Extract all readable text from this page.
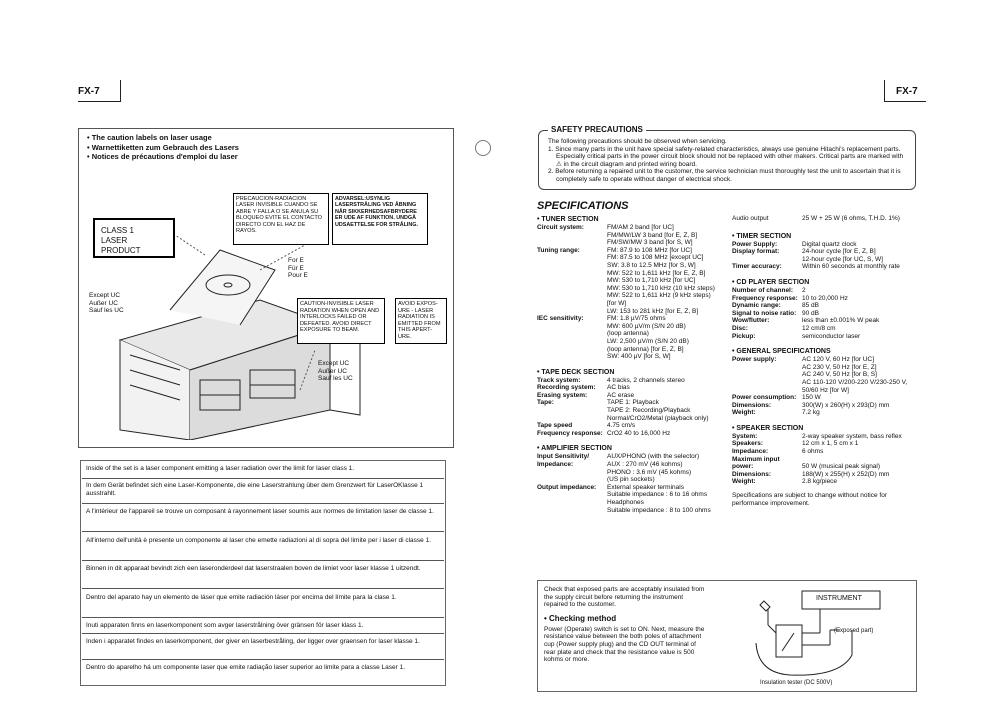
FX-7
• The caution labels on laser usage
• Warnettiketten zum Gebrauch des Lasers
• Notices de précautions d'emploi du laser
PRECAUCION-RADIACION LASER INVISIBLE CUANDO SE ABRE Y FALLA O SE ANULA SU BLOQUEO EVITE EL CONTACTO DIRECTO CON EL HAZ DE RAYOS.
ADVARSEL:USYNLIG LASERSTRÅLING VED ÅBNING NÅR SIKKERHEDSAFBRYDERE ER UDE AF FUNKTION. UNDGÅ UDSAETTELSE FOR STRÅLING.
CLASS 1
LASER PRODUCT
For E
Für E
Pour E
Except UC
Außer UC
Sauf les UC
CAUTION-INVISIBLE LASER RADIATION WHEN OPEN AND INTERLOCKS FAILED OR DEFEATED. AVOID DIRECT EXPOSURE TO BEAM.
AVOID EXPOS- URE - LASER RADIATION IS EMITTED FROM THIS APERT- URE.
Except UC
Außer UC
Sauf les UC
Inside of the set is a laser component emitting a laser radiation over the limit for laser class 1.
In dem Gerät befindet sich eine Laser-Komponente, die eine Laserstrahlung über dem Grenzwert für LaserOKlasse 1 ausstrahlt.
A l'intérieur de l'appareil se trouve un composant à rayonnement laser soumis aux normes de limitation laser de classe 1.
All'interno dell'unità è presente un componente al laser che emette radiazioni al di sopra del limite per i laser di classe 1.
Binnen in dit apparaat bevindt zich een laseronderdeel dat laserstraalen boven de limiet voor laser klasse 1 uitzendt.
Dentro del aparato hay un elemento de láser que emite radiación láser por encima del límite para la clase 1.
Inuti apparaten finns en laserkomponent som avger laserstrålning över gränsen för laser klass 1.
Inden i apparatet findes en laserkomponent, der giver en laserbestråling, der ligger over graensen for laser klasse 1.
Dentro do aparelho há um componente laser que emite radiação laser superior ao limite para a classe Laser 1.
FX-7
SAFETY PRECAUTIONS
The following precautions should be observed when servicing.
1. Since many parts in the unit have special safety-related characteristics, always use genuine Hitachi's replacement parts. Especially critical parts in the power circuit block should not be replaced with other makers. Critical parts are marked with ⚠ in the circuit diagram and printed wiring board.
2. Before returning a repaired unit to the customer, the service technician must thoroughly test the unit to ascertain that it is completely safe to operate without danger of electrical shock.
SPECIFICATIONS
• TUNER SECTION
Circuit system:	FM/AM 2 band [for UC]
FM/MW/LW 3 band [for E, Z, B]
FM/SW/MW 3 band [for S, W]
Tuning range:	FM: 87.9 to 108 MHz [for UC]
FM: 87.5 to 108 MHz [except UC]
SW: 3.8 to 12.5 MHz [for S, W]
MW: 522 to 1,611 kHz [for E, Z, B]
MW: 530 to 1,710 kHz [for UC]
MW: 530 to 1,710 kHz (10 kHz steps)
MW: 522 to 1,611 kHz (9 kHz steps)
[for W]
LW: 153 to 281 kHz [for E, Z, B]
IEC sensitivity:	FM: 1.8 µV/75 ohms
MW: 600 µV/m (S/N 20 dB)
(loop antenna)
LW: 2,500 µV/m (S/N 20 dB)
(loop antenna) [for E, Z, B]
SW: 400 µV [for S, W]
• TAPE DECK SECTION
Track system:	4 tracks, 2 channels stereo
Recording system:	AC bias
Erasing system:	AC erase
Tape:	TAPE 1: Playback
TAPE 2: Recording/Playback
Normal/CrO2/Metal (playback only)
Tape speed	4.75 cm/s
Frequency response: CrO2 40 to 16,000 Hz
• AMPLIFIER SECTION
Input Sensitivity/	AUX/PHONO (with the selector)
Impedance:	AUX : 270 mV (46 kohms)
PHONO : 3.6 mV (45 kohms)
(US pin sockets)
Output impedance:	External speaker terminals
Suitable impedance : 6 to 16 ohms
Headphones
Suitable impedance : 8 to 100 ohms
Audio output	25 W + 25 W (6 ohms, T.H.D. 1%)
• TIMER SECTION
Power Supply:	Digital quartz clock
Display format:	24-hour cycle [for E, Z, B]
12-hour cycle [for UC, S, W]
Timer accuracy:	Within 60 seconds at monthly rate
• CD PLAYER SECTION
Number of channel:	2
Frequency response: 10 to 20,000 Hz
Dynamic range:	85 dB
Signal to noise ratio: 90 dB
Wow/flutter:	less than ±0.001% W peak
Disc:	12 cm/8 cm
Pickup:	semiconductor laser
• GENERAL SPECIFICATIONS
Power supply:	AC 120 V, 60 Hz [for UC]
AC 230 V, 50 Hz [for E, Z]
AC 240 V, 50 Hz [for B, S]
AC 110-120 V/200-220 V/230-250 V,
50/60 Hz [for W]
Power consumption: 150 W
Dimensions:	300(W) x 260(H) x 293(D) mm
Weight:	7.2 kg
• SPEAKER SECTION
System:	2-way speaker system, bass reflex
Speakers:	12 cm x 1, 5 cm x 1
Impedance:	6 ohms
Maximum input
power:	50 W (musical peak signal)
Dimensions:	188(W) x 255(H) x 252(D) mm
Weight:	2.8 kg/piece
Specifications are subject to change without notice for performance improvement.
Check that exposed parts are acceptably insulated from the supply circuit before returning the instrument repaired to the customer.
• Checking method
Power (Operate) switch is set to ON. Next, measure the resistance value between the both poles of attachment cup (Power supply plug) and the CD OUT terminal of rear plate and check that the resistance value is 500 kohms or more.
INSTRUMENT
(Exposed part)
Insulation tester (DC 500V)
